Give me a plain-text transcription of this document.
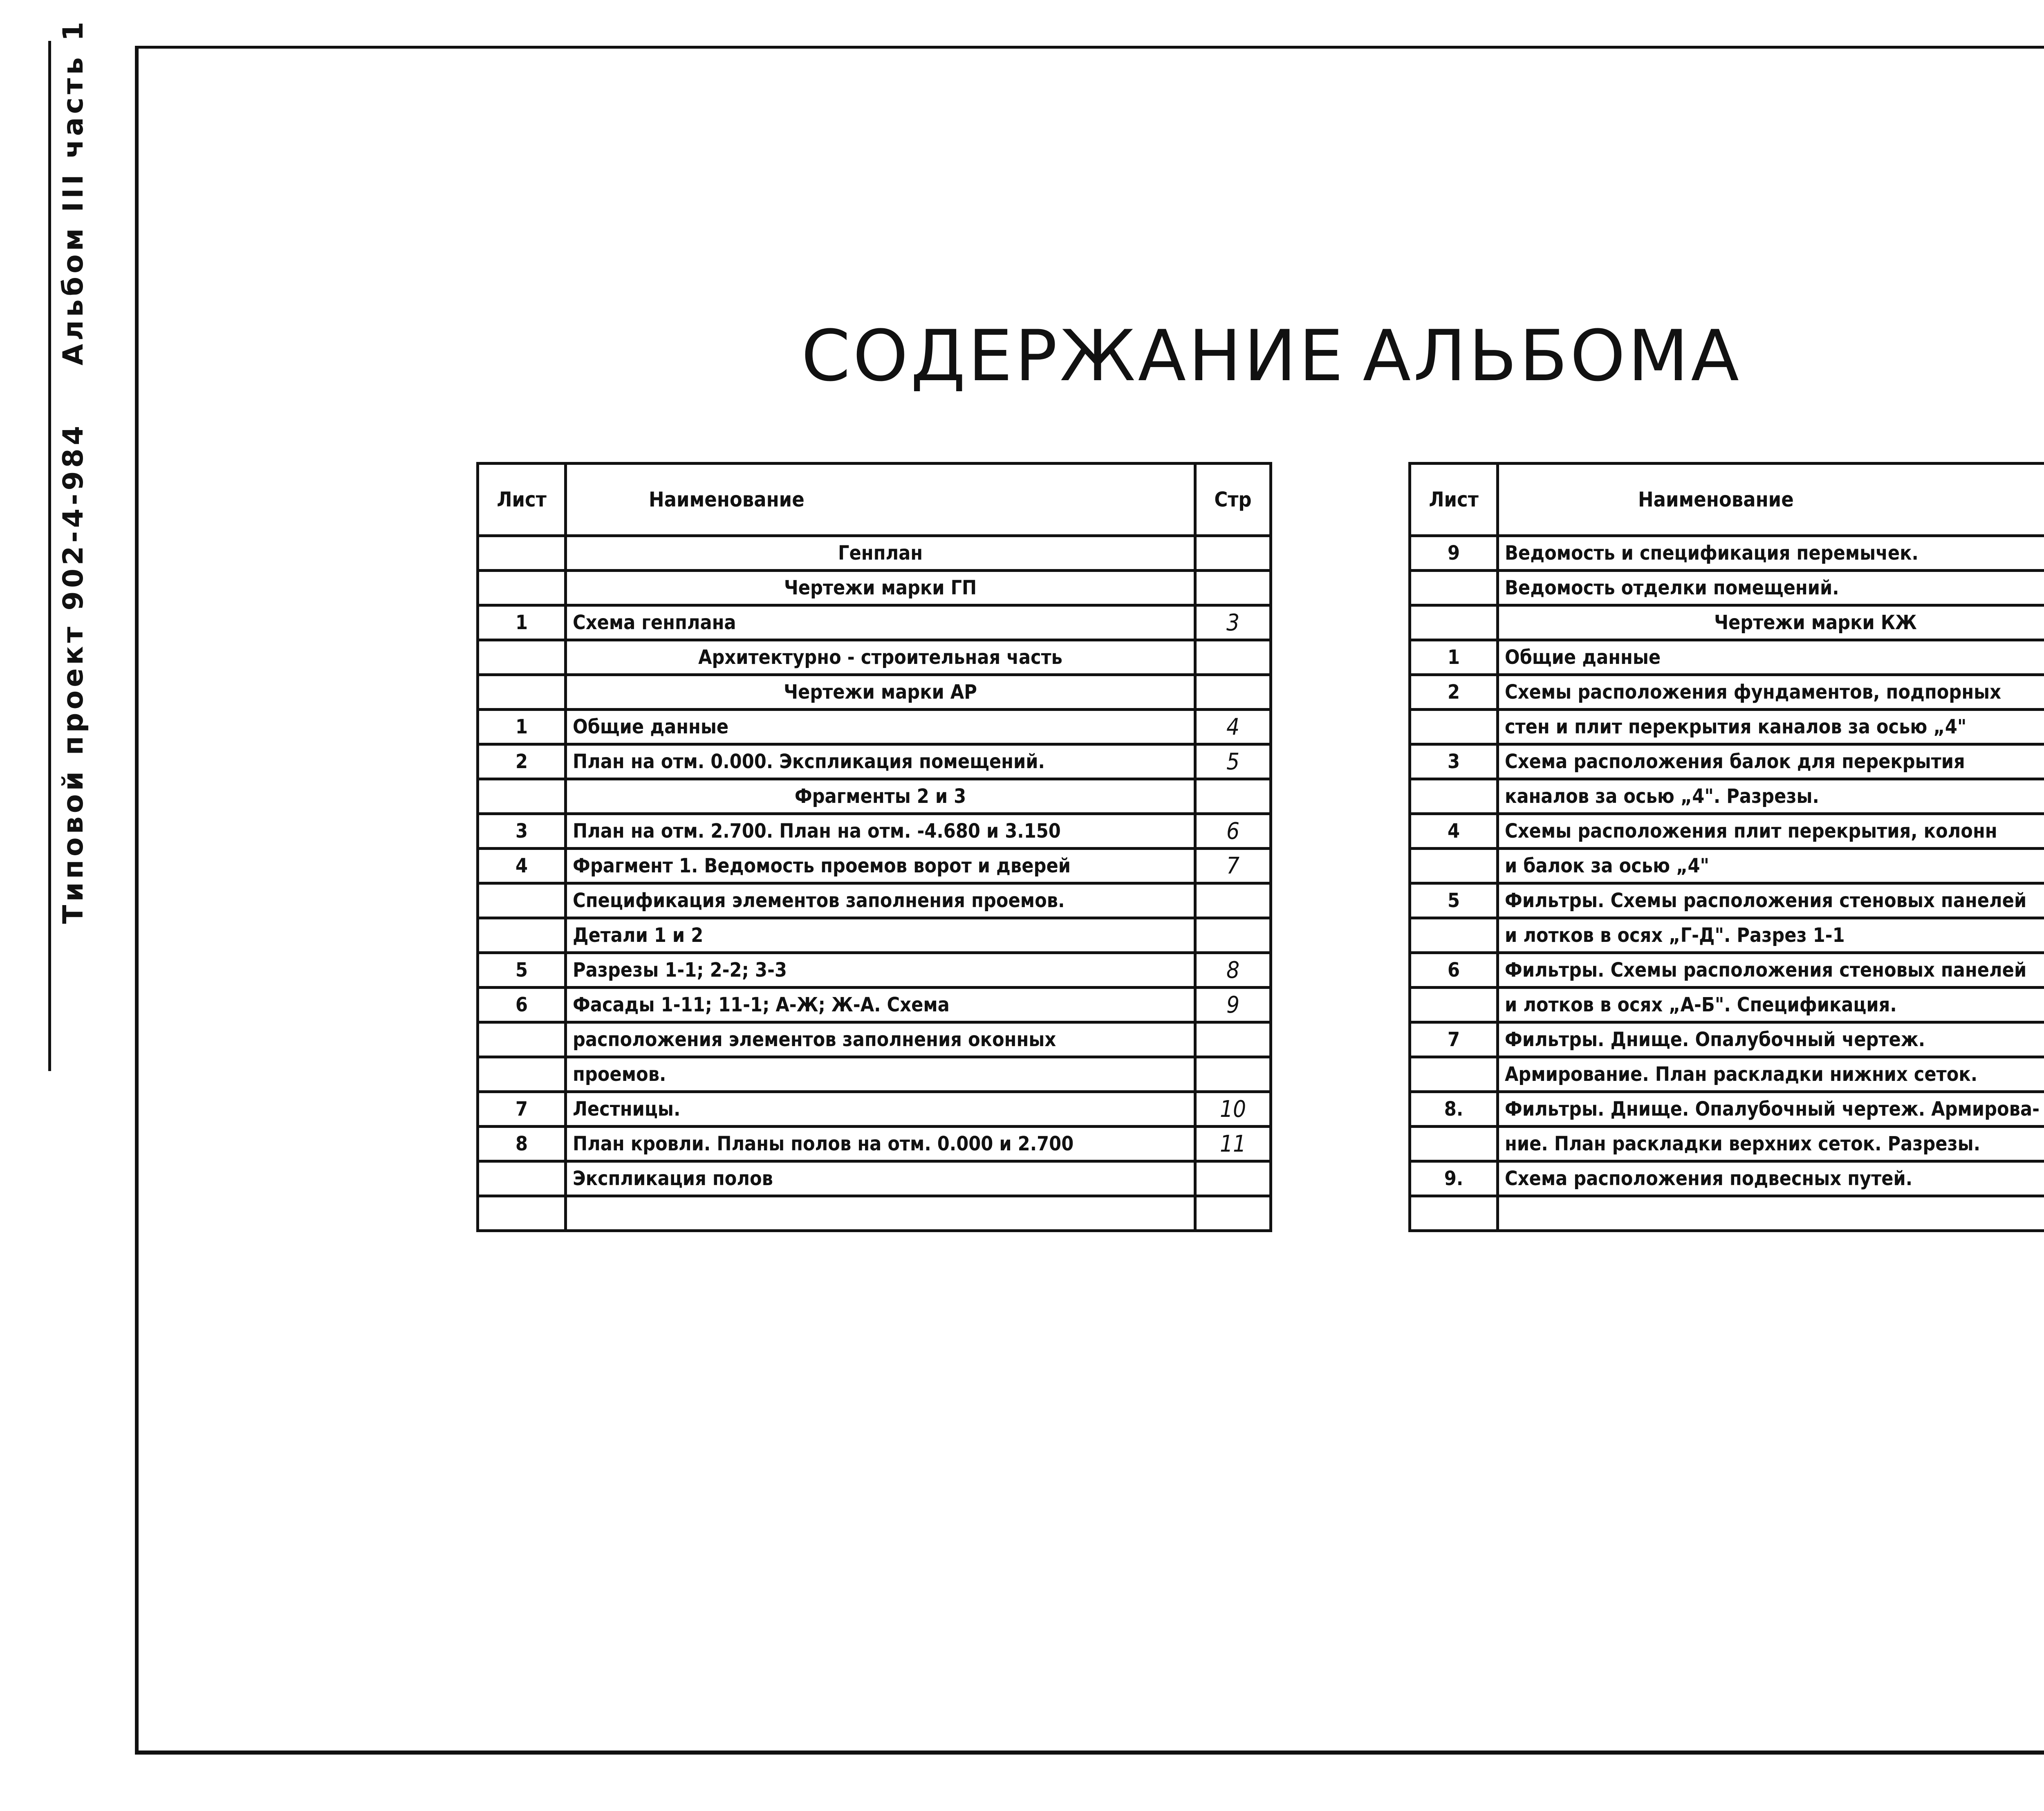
Типовой проект 902-4-984
Альбом III часть 1	СОДЕРЖАНИЕ АЛЬБОМА
Лист	Наименование	Стр
	Генплан	
	Чертежи марки ГП	
1	Схема генплана	3
	Архитектурно - строительная часть	
	Чертежи марки АР	
1	Общие данные	4
2	План на отм. 0.000. Экспликация помещений.	5
	Фрагменты 2 и 3	
3	План на отм. 2.700. План на отм. -4.680 и 3.150	6
4	Фрагмент 1. Ведомость проемов ворот и дверей	7
	Спецификация элементов заполнения проемов.	
	Детали 1 и 2	
5	Разрезы 1-1; 2-2; 3-3	8
6	Фасады 1-11; 11-1; А-Ж; Ж-А. Схема	9
	расположения элементов заполнения оконных	
	проемов.	
7	Лестницы.	10
8	План кровли. Планы полов на отм. 0.000 и 2.700	11
	Экспликация полов	

Лист	Наименование	
9	Ведомость и спецификация перемычек.	
	Ведомость отделки помещений.	
	Чертежи марки КЖ	
1	Общие данные	
2	Схемы расположения фундаментов, подпорных	
	стен и плит перекрытия каналов за осью „4"	
3	Схема расположения балок для перекрытия	
	каналов за осью „4". Разрезы.	
4	Схемы расположения плит перекрытия, колонн	
	и балок за осью „4"	
5	Фильтры. Схемы расположения стеновых панелей	
	и лотков в осях „Г-Д". Разрез 1-1	
6	Фильтры. Схемы расположения стеновых панелей	
	и лотков в осях „А-Б". Спецификация.	
7	Фильтры. Днище. Опалубочный чертеж.	
	Армирование. План раскладки нижних сеток.	
8.	Фильтры. Днище. Опалубочный чертеж. Армирова-	
	ние. План раскладки верхних сеток. Разрезы.	
9.	Схема расположения подвесных путей.	
